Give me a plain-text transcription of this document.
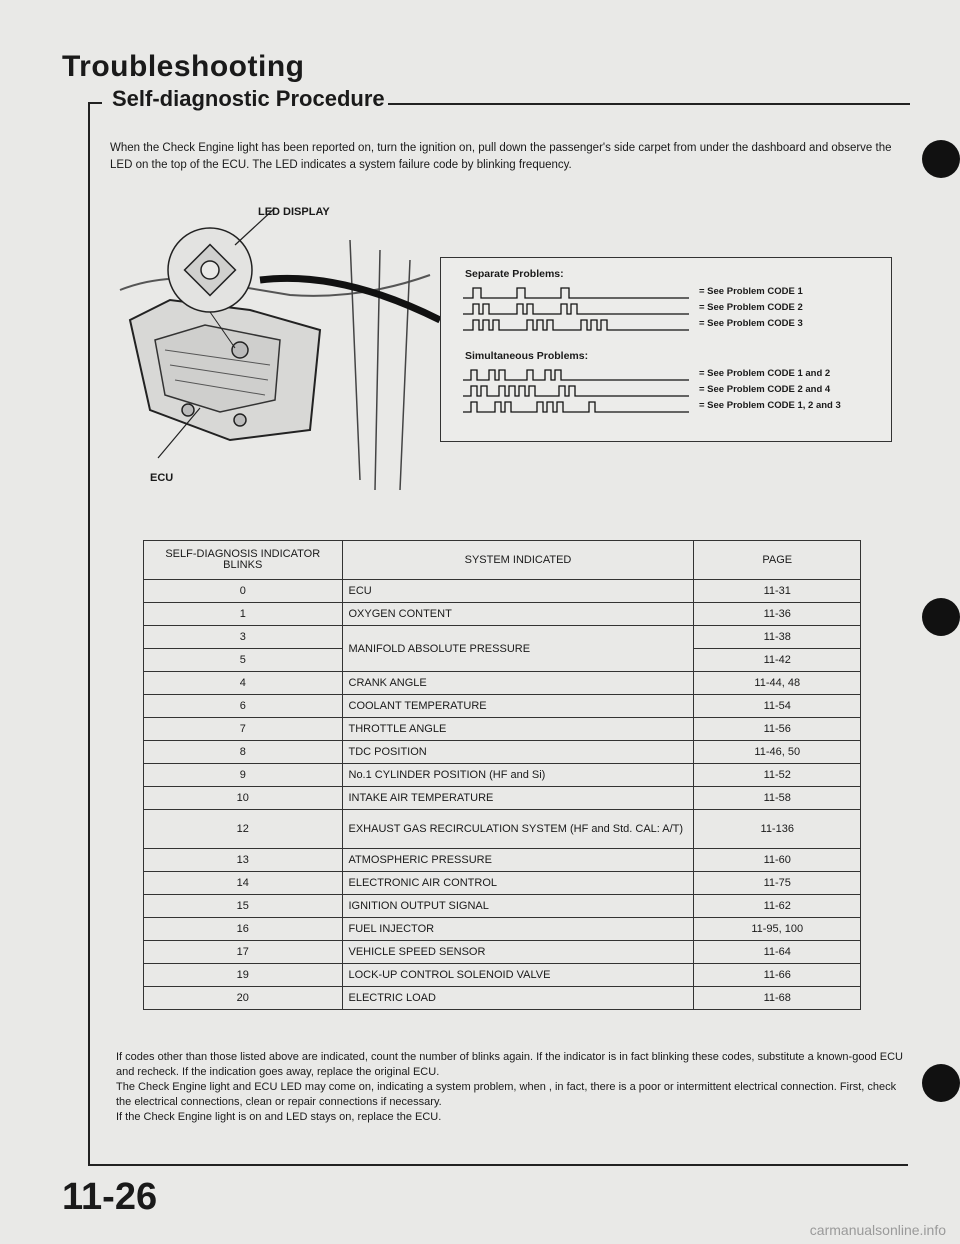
Troubleshooting
Self-diagnostic Procedure
When the Check Engine light has been reported on, turn the ignition on, pull down the passenger's side carpet from under the dashboard and observe the LED on the top of the ECU. The LED indicates a system failure code by blinking frequency.
LED DISPLAY
ECU
Separate Problems:
= See Problem CODE 1
= See Problem CODE 2
= See Problem CODE 3
Simultaneous Problems:
= See Problem CODE 1 and 2
= See Problem CODE 2 and 4
= See Problem CODE 1, 2 and 3
SELF-DIAGNOSIS INDICATOR BLINKS	SYSTEM INDICATED	PAGE
0	ECU	11-31
1	OXYGEN CONTENT	11-36
3	MANIFOLD ABSOLUTE PRESSURE	11-38
5		11-42
4	CRANK ANGLE	11-44, 48
6	COOLANT TEMPERATURE	11-54
7	THROTTLE ANGLE	11-56
8	TDC POSITION	11-46, 50
9	No.1 CYLINDER POSITION (HF and Si)	11-52
10	INTAKE AIR TEMPERATURE	11-58
12	EXHAUST GAS RECIRCULATION SYSTEM (HF and Std. CAL: A/T)	11-136
13	ATMOSPHERIC PRESSURE	11-60
14	ELECTRONIC AIR CONTROL	11-75
15	IGNITION OUTPUT SIGNAL	11-62
16	FUEL INJECTOR	11-95, 100
17	VEHICLE SPEED SENSOR	11-64
19	LOCK-UP CONTROL SOLENOID VALVE	11-66
20	ELECTRIC LOAD	11-68
If codes other than those listed above are indicated, count the number of blinks again. If the indicator is in fact blinking these codes, substitute a known-good ECU and recheck. If the indication goes away, replace the original ECU.
The Check Engine light and ECU LED may come on, indicating a system problem, when , in fact, there is a poor or intermittent electrical connection. First, check the electrical connections, clean or repair connections if necessary.
If the Check Engine light is on and LED stays on, replace the ECU.
11-26
carmanualsonline.info
